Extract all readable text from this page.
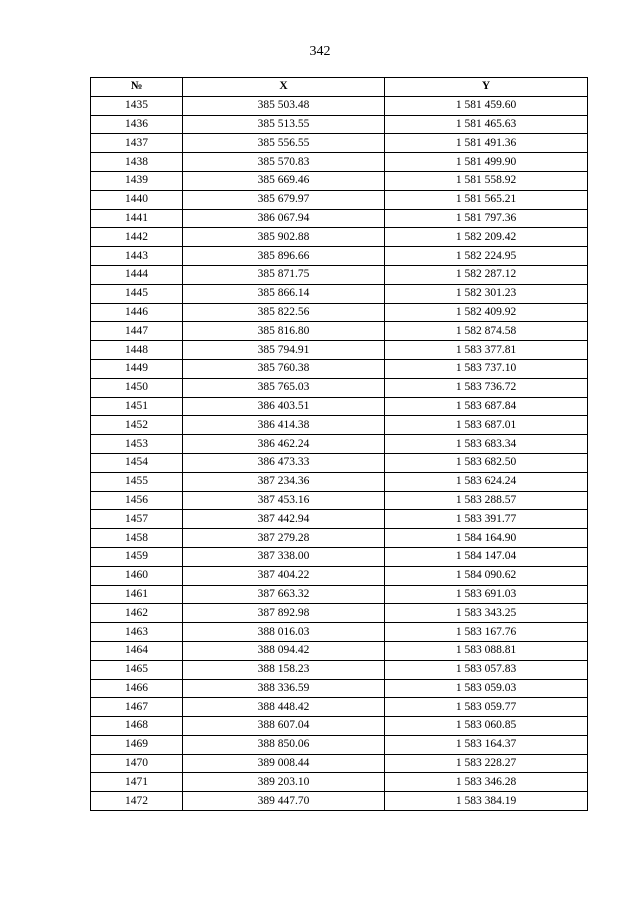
342
№	X	Y
1435	385 503.48	1 581 459.60
1436	385 513.55	1 581 465.63
1437	385 556.55	1 581 491.36
1438	385 570.83	1 581 499.90
1439	385 669.46	1 581 558.92
1440	385 679.97	1 581 565.21
1441	386 067.94	1 581 797.36
1442	385 902.88	1 582 209.42
1443	385 896.66	1 582 224.95
1444	385 871.75	1 582 287.12
1445	385 866.14	1 582 301.23
1446	385 822.56	1 582 409.92
1447	385 816.80	1 582 874.58
1448	385 794.91	1 583 377.81
1449	385 760.38	1 583 737.10
1450	385 765.03	1 583 736.72
1451	386 403.51	1 583 687.84
1452	386 414.38	1 583 687.01
1453	386 462.24	1 583 683.34
1454	386 473.33	1 583 682.50
1455	387 234.36	1 583 624.24
1456	387 453.16	1 583 288.57
1457	387 442.94	1 583 391.77
1458	387 279.28	1 584 164.90
1459	387 338.00	1 584 147.04
1460	387 404.22	1 584 090.62
1461	387 663.32	1 583 691.03
1462	387 892.98	1 583 343.25
1463	388 016.03	1 583 167.76
1464	388 094.42	1 583 088.81
1465	388 158.23	1 583 057.83
1466	388 336.59	1 583 059.03
1467	388 448.42	1 583 059.77
1468	388 607.04	1 583 060.85
1469	388 850.06	1 583 164.37
1470	389 008.44	1 583 228.27
1471	389 203.10	1 583 346.28
1472	389 447.70	1 583 384.19
